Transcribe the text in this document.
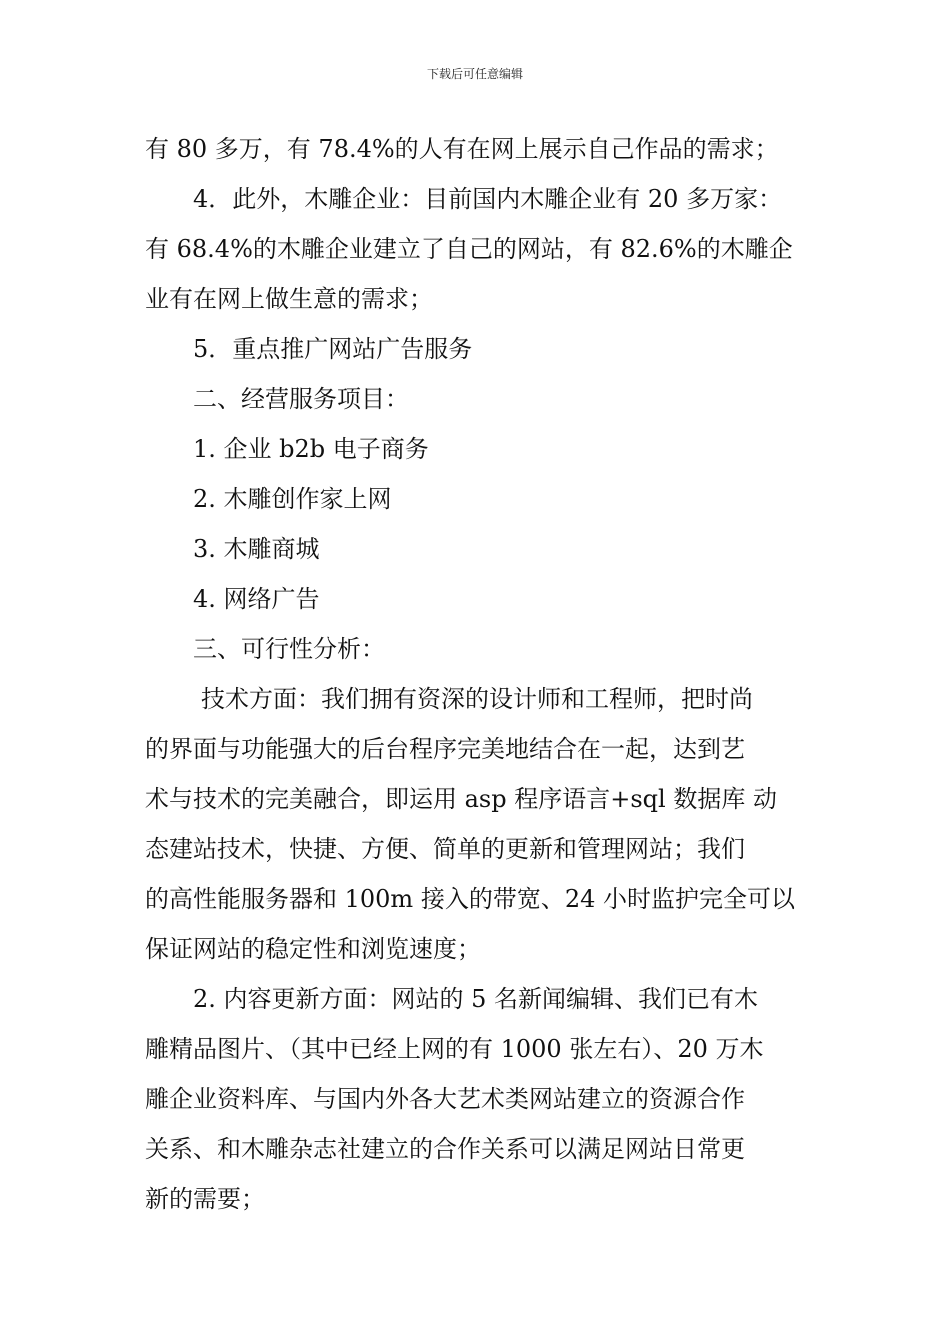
下载后可任意编辑
有 80 多万，有 78.4%的人有在网上展示自己作品的需求；
4．此外，木雕企业：目前国内木雕企业有 20 多万家：
有 68.4%的木雕企业建立了自己的网站，有 82.6%的木雕企
业有在网上做生意的需求；
5．重点推广网站广告服务
二、经营服务项目：
1. 企业 b2b 电子商务
2. 木雕创作家上网
3. 木雕商城
4. 网络广告
三、可行性分析：
技术方面：我们拥有资深的设计师和工程师，把时尚
的界面与功能强大的后台程序完美地结合在一起，达到艺
术与技术的完美融合，即运用 asp 程序语言+sql 数据库 动
态建站技术，快捷、方便、简单的更新和管理网站；我们
的高性能服务器和 100m 接入的带宽、24 小时监护完全可以
保证网站的稳定性和浏览速度；
2. 内容更新方面：网站的 5 名新闻编辑、我们已有木
雕精品图片、（其中已经上网的有 1000 张左右）、20 万木
雕企业资料库、与国内外各大艺术类网站建立的资源合作
关系、和木雕杂志社建立的合作关系可以满足网站日常更
新的需要；
